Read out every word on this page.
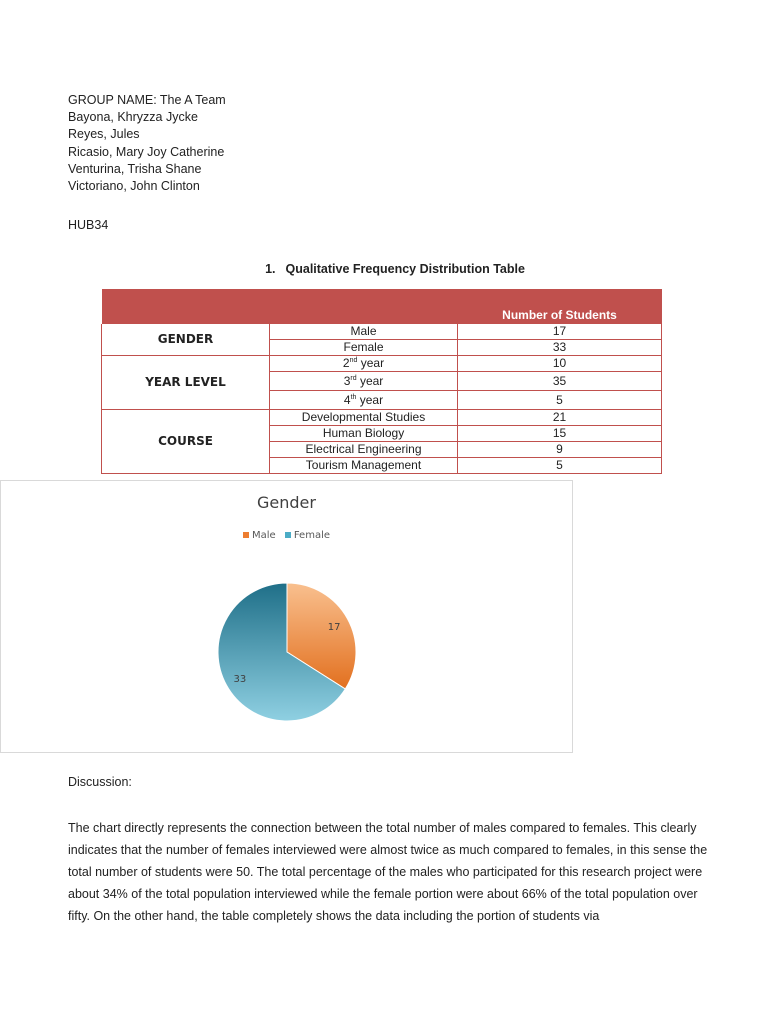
GROUP NAME: The A Team
Bayona, Khryzza Jycke
Reyes, Jules
Ricasio, Mary Joy Catherine
Venturina, Trisha Shane
Victoriano, John Clinton
HUB34
1. Qualitative Frequency Distribution Table
		Number of Students
GENDER	Male	17
	Female	33
YEAR LEVEL	2nd year	10
	3rd year	35
	4th year	5
COURSE	Developmental Studies	21
	Human Biology	15
	Electrical Engineering	9
	Tourism Management	5
Gender
Male Female
17
33
Discussion:
The chart directly represents the connection between the total number of males compared to females. This clearly indicates that the number of females interviewed were almost twice as much compared to females, in this sense the total number of students were 50. The total percentage of the males who participated for this research project were about 34% of the total population interviewed while the female portion were about 66% of the total population over fifty. On the other hand, the table completely shows the data including the portion of students via
